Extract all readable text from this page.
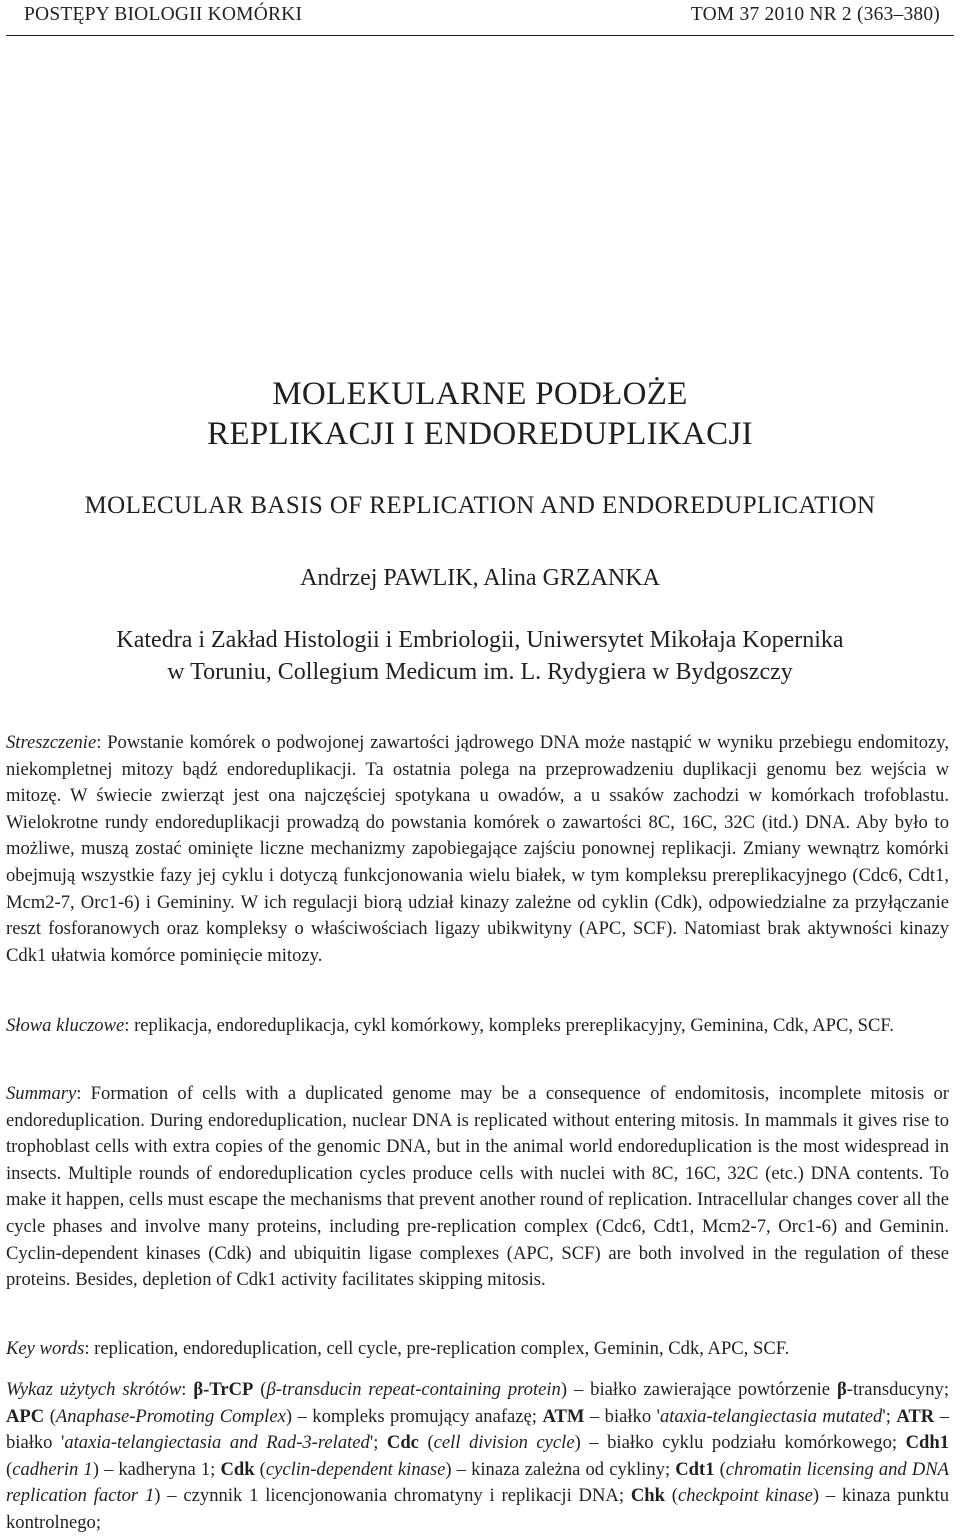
POSTĘPY BIOLOGII KOMÓRKI	TOM 37 2010 NR 2 (363–380)
MOLEKULARNE PODŁOŻE
REPLIKACJI I ENDOREDUPLIKACJI
MOLECULAR BASIS OF REPLICATION AND ENDOREDUPLICATION
Andrzej PAWLIK, Alina GRZANKA
Katedra i Zakład Histologii i Embriologii, Uniwersytet Mikołaja Kopernika
w Toruniu, Collegium Medicum im. L. Rydygiera w Bydgoszczy

Streszczenie: Powstanie komórek o podwojonej zawartości jądrowego DNA może nastąpić w wyniku przebiegu endomitozy, niekompletnej mitozy bądź endoreduplikacji. Ta ostatnia polega na przeprowadzeniu duplikacji genomu bez wejścia w mitozę. W świecie zwierząt jest ona najczęściej spotykana u owadów, a u ssaków zachodzi w komórkach trofoblastu. Wielokrotne rundy endoreduplikacji prowadzą do powstania komórek o zawartości 8C, 16C, 32C (itd.) DNA. Aby było to możliwe, muszą zostać ominięte liczne mechanizmy zapobiegające zajściu ponownej replikacji. Zmiany wewnątrz komórki obejmują wszystkie fazy jej cyklu i dotyczą funkcjonowania wielu białek, w tym kompleksu prereplikacyjnego (Cdc6, Cdt1, Mcm2-7, Orc1-6) i Gemininy. W ich regulacji biorą udział kinazy zależne od cyklin (Cdk), odpowiedzialne za przyłączanie reszt fosforanowych oraz kompleksy o właściwościach ligazy ubikwityny (APC, SCF). Natomiast brak aktywności kinazy Cdk1 ułatwia komórce pominięcie mitozy.

Słowa kluczowe: replikacja, endoreduplikacja, cykl komórkowy, kompleks prereplikacyjny, Geminina, Cdk, APC, SCF.

Summary: Formation of cells with a duplicated genome may be a consequence of endomitosis, incomplete mitosis or endoreduplication. During endoreduplication, nuclear DNA is replicated without entering mitosis. In mammals it gives rise to trophoblast cells with extra copies of the genomic DNA, but in the animal world endoreduplication is the most widespread in insects. Multiple rounds of endoreduplication cycles produce cells with nuclei with 8C, 16C, 32C (etc.) DNA contents. To make it happen, cells must escape the mechanisms that prevent another round of replication. Intracellular changes cover all the cycle phases and involve many proteins, including pre-replication complex (Cdc6, Cdt1, Mcm2-7, Orc1-6) and Geminin. Cyclin-dependent kinases (Cdk) and ubiquitin ligase complexes (APC, SCF) are both involved in the regulation of these proteins. Besides, depletion of Cdk1 activity facilitates skipping mitosis.

Key words: replication, endoreduplication, cell cycle, pre-replication complex, Geminin, Cdk, APC, SCF.

Wykaz użytych skrótów: β-TrCP (β-transducin repeat-containing protein) – białko zawierające powtórzenie β-transducyny; APC (Anaphase-Promoting Complex) – kompleks promujący anafazę; ATM – białko 'ataxia-telangiectasia mutated'; ATR – białko 'ataxia-telangiectasia and Rad-3-related'; Cdc (cell division cycle) – białko cyklu podziału komórkowego; Cdh1 (cadherin 1) – kadheryna 1; Cdk (cyclin-dependent kinase) – kinaza zależna od cykliny; Cdt1 (chromatin licensing and DNA replication factor 1) – czynnik 1 licencjonowania chromatyny i replikacji DNA; Chk (checkpoint kinase) – kinaza punktu kontrolnego;
